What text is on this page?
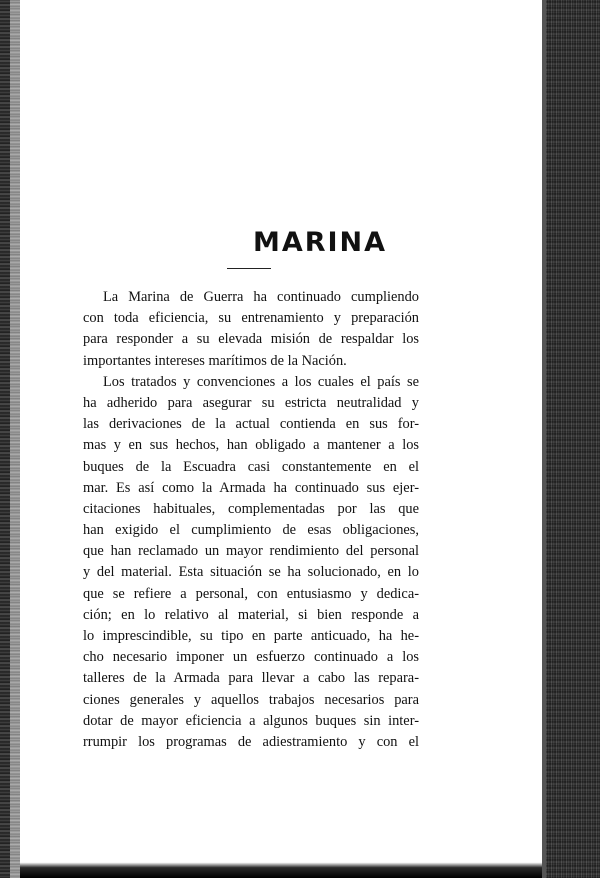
MARINA
La Marina de Guerra ha continuado cumpliendo
con toda eficiencia, su entrenamiento y preparación
para responder a su elevada misión de respaldar los
importantes intereses marítimos de la Nación.
Los tratados y convenciones a los cuales el país se
ha adherido para asegurar su estricta neutralidad y
las derivaciones de la actual contienda en sus for-
mas y en sus hechos, han obligado a mantener a los
buques de la Escuadra casi constantemente en el
mar. Es así como la Armada ha continuado sus ejer-
citaciones habituales, complementadas por las que
han exigido el cumplimiento de esas obligaciones,
que han reclamado un mayor rendimiento del personal
y del material. Esta situación se ha solucionado, en lo
que se refiere a personal, con entusiasmo y dedica-
ción; en lo relativo al material, si bien responde a
lo imprescindible, su tipo en parte anticuado, ha he-
cho necesario imponer un esfuerzo continuado a los
talleres de la Armada para llevar a cabo las repara-
ciones generales y aquellos trabajos necesarios para
dotar de mayor eficiencia a algunos buques sin inter-
rrumpir los programas de adiestramiento y con el
